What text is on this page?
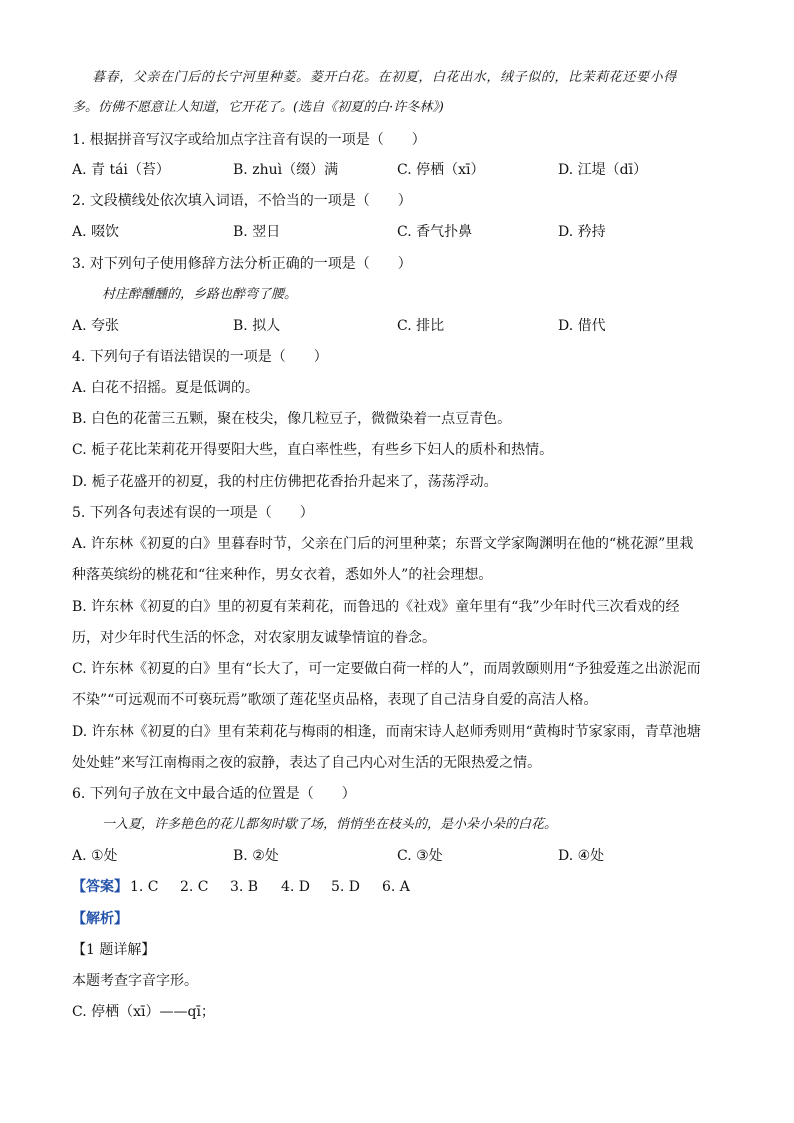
暮春，父亲在门后的长宁河里种菱。菱开白花。在初夏，白花出水，绒子似的，比茉莉花还要小得
多。仿佛不愿意让人知道，它开花了。(选自《初夏的白·许冬林》)
1. 根据拼音写汉字或给加点字注音有误的一项是（　　）
A. 青 tái（苔）	B. zhuì（缀）满	C. 停栖（xī）	D. 江堤（dī）
2. 文段横线处依次填入词语，不恰当的一项是（　　）
A. 啜饮	B. 翌日	C. 香气扑鼻	D. 矜持
3. 对下列句子使用修辞方法分析正确的一项是（　　）
村庄醉醺醺的，乡路也醉弯了腰。
A. 夸张	B. 拟人	C. 排比	D. 借代
4. 下列句子有语法错误的一项是（　　）
A. 白花不招摇。夏是低调的。
B. 白色的花蕾三五颗，聚在枝尖，像几粒豆子，微微染着一点豆青色。
C. 栀子花比茉莉花开得要阳大些，直白率性些，有些乡下妇人的质朴和热情。
D. 栀子花盛开的初夏，我的村庄仿佛把花香抬升起来了，荡荡浮动。
5. 下列各句表述有误的一项是（　　）
A. 许东林《初夏的白》里暮春时节，父亲在门后的河里种菜；东晋文学家陶渊明在他的“桃花源”里栽
种落英缤纷的桃花和“往来种作，男女衣着，悉如外人”的社会理想。
B. 许东林《初夏的白》里的初夏有茉莉花，而鲁迅的《社戏》童年里有“我”少年时代三次看戏的经
历，对少年时代生活的怀念，对农家朋友诚挚情谊的眷念。
C. 许东林《初夏的白》里有“长大了，可一定要做白荷一样的人”，而周敦颐则用“予独爱莲之出淤泥而
不染”“可远观而不可亵玩焉”歌颂了莲花坚贞品格，表现了自己洁身自爱的高洁人格。
D. 许东林《初夏的白》里有茉莉花与梅雨的相逢，而南宋诗人赵师秀则用“黄梅时节家家雨，青草池塘
处处蛙”来写江南梅雨之夜的寂静，表达了自己内心对生活的无限热爱之情。
6. 下列句子放在文中最合适的位置是（　　）
一入夏，许多艳色的花儿都匆时歇了场，悄悄坐在枝头的，是小朵小朵的白花。
A. ①处	B. ②处	C. ③处	D. ④处
【答案】 1. C 2. C 3. B 4. D 5. D 6. A
【解析】
【1 题详解】
本题考查字音字形。
C. 停栖（xī）——qī；
